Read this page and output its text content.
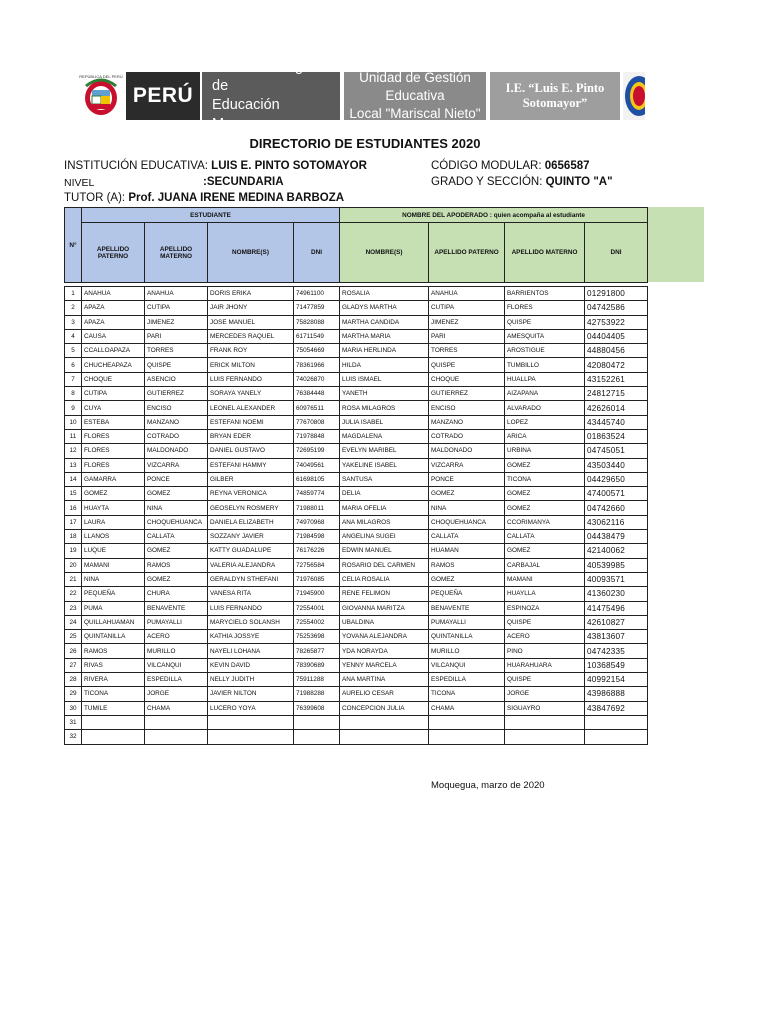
REPÚBLICA DEL PERÚ
PERÚ
Dirección Regional de
Educación Moquegua
Unidad de Gestión Educativa
Local "Mariscal Nieto"
I.E. “Luis E. Pinto
Sotomayor”
DIRECTORIO DE ESTUDIANTES 2020
INSTITUCIÓN EDUCATIVA: LUIS E. PINTO SOTOMAYOR	CÓDIGO MODULAR: 0656587
NIVEL	:SECUNDARIA	GRADO Y SECCIÓN: QUINTO "A"
TUTOR (A): Prof. JUANA IRENE MEDINA BARBOZA
N°	ESTUDIANTE				NOMBRE DEL APODERADO : quien acompaña al estudiante			
	APELLIDO PATERNO	APELLIDO MATERNO	NOMBRE(S)	DNI	NOMBRE(S)	APELLIDO PATERNO	APELLIDO MATERNO	DNI

1	ANAHUA	ANAHUA	DORIS ERIKA	74961100	ROSALIA	ANAHUA	BARRIENTOS	01291800
2	APAZA	CUTIPA	JAIR JHONY	71477859	GLADYS MARTHA	CUTIPA	FLORES	04742586
3	APAZA	JIMENEZ	JOSE MANUEL	75828088	MARTHA CANDIDA	JIMENEZ	QUISPE	42753922
4	CAUSA	PARI	MERCEDES RAQUEL	61711549	MARTHA MARIA	PARI	AMESQUITA	04404405
5	CCALLOAPAZA	TORRES	FRANK ROY	75054669	MARIA HERLINDA	TORRES	AROSTIGUE	44880456
6	CHUCHEAPAZA	QUISPE	ERICK MILTON	78361966	HILDA	QUISPE	TUMBILLO	42080472
7	CHOQUE	ASENCIO	LUIS FERNANDO	74026870	LUIS ISMAEL	CHOQUE	HUALLPA	43152261
8	CUTIPA	GUTIERREZ	SORAYA YANELY	76384448	YANETH	GUTIERREZ	AIZAPANA	24812715
9	CUYA	ENCISO	LEONEL ALEXANDER	60976511	ROSA MILAGROS	ENCISO	ALVARADO	42626014
10	ESTEBA	MANZANO	ESTEFANI NOEMI	77670808	JULIA ISABEL	MANZANO	LOPEZ	43445740
11	FLORES	COTRADO	BRYAN EDER	71978848	MAGDALENA	COTRADO	ARICA	01863524
12	FLORES	MALDONADO	DANIEL GUSTAVO	72695199	EVELYN MARIBEL	MALDONADO	URBINA	04745051
13	FLORES	VIZCARRA	ESTEFANI HAMMY	74049561	YAKELINE ISABEL	VIZCARRA	GOMEZ	43503440
14	GAMARRA	PONCE	GILBER	61698105	SANTUSA	PONCE	TICONA	04429650
15	GOMEZ	GOMEZ	REYNA VERONICA	74859774	DELIA	GOMEZ	GOMEZ	47400571
16	HUAYTA	NINA	GEOSELYN ROSMERY	71988011	MARIA OFELIA	NINA	GOMEZ	04742660
17	LAURA	CHOQUEHUANCA	DANIELA ELIZABETH	74970968	ANA MILAGROS	CHOQUEHUANCA	CCORIMANYA	43062116
18	LLANOS	CALLATA	SOZZANY JAVIER	71984598	ANGELINA SUGEI	CALLATA	CALLATA	04438479
19	LUQUE	GOMEZ	KATTY GUADALUPE	76176226	EDWIN MANUEL	HUAMAN	GOMEZ	42140062
20	MAMANI	RAMOS	VALERIA ALEJANDRA	72756584	ROSARIO DEL CARMEN	RAMOS	CARBAJAL	40539985
21	NINA	GOMEZ	GERALDYN STHEFANI	71976085	CELIA ROSALIA	GOMEZ	MAMANI	40093571
22	PEQUEÑA	CHURA	VANESA RITA	71945900	RENE FELIMON	PEQUEÑA	HUAYLLA	41360230
23	PUMA	BENAVENTE	LUIS FERNANDO	72554001	GIOVANNA MARITZA	BENAVENTE	ESPINOZA	41475496
24	QUILLAHUAMAN	PUMAYALLI	MARYCIELO SOLANSH	72554002	UBALDINA	PUMAYALLI	QUISPE	42610827
25	QUINTANILLA	ACERO	KATHIA JOSSYE	75253698	YOVANA ALEJANDRA	QUINTANILLA	ACERO	43813607
26	RAMOS	MURILLO	NAYELI LOHANA	78265877	YDA NORAYDA	MURILLO	PINO	04742335
27	RIVAS	VILCANQUI	KEVIN DAVID	78390689	YENNY MARCELA	VILCANQUI	HUARAHUARA	10368549
28	RIVERA	ESPEDILLA	NELLY JUDITH	75911288	ANA MARTINA	ESPEDILLA	QUISPE	40992154
29	TICONA	JORGE	JAVIER NILTON	71988288	AURELIO CESAR	TICONA	JORGE	43986888
30	TUMILE	CHAMA	LUCERO YOYA	76399608	CONCEPCION JULIA	CHAMA	SIGUAYRO	43847692
31								
32								
Moquegua, marzo de 2020
